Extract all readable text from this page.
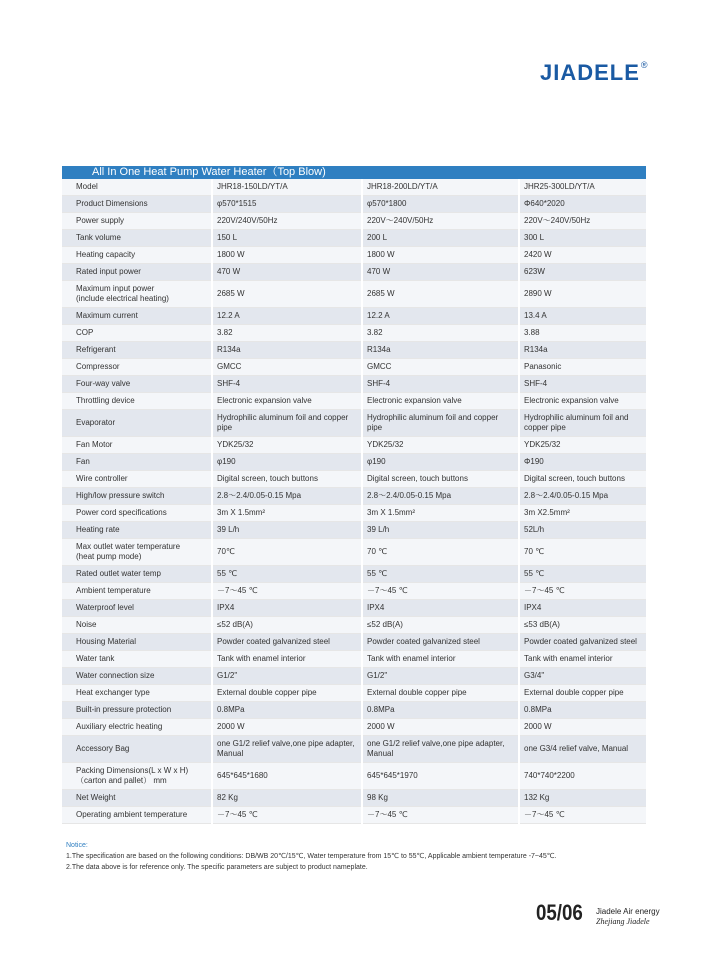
JIADELE®
All In One Heat Pump Water Heater（Top Blow)
Model	JHR18-150LD/YT/A	JHR18-200LD/YT/A	JHR25-300LD/YT/A
Product Dimensions	φ570*1515	φ570*1800	Φ640*2020
Power supply	220V/240V/50Hz	220V～240V/50Hz	220V～240V/50Hz
Tank volume	150 L	200 L	300 L
Heating capacity	1800 W	1800 W	2420 W
Rated input power	470 W	470 W	623W
Maximum input power
(include electrical heating)	2685 W	2685 W	2890 W
Maximum current	12.2 A	12.2 A	13.4 A
COP	3.82	3.82	3.88
Refrigerant	R134a	R134a	R134a
Compressor	GMCC	GMCC	Panasonic
Four-way valve	SHF-4	SHF-4	SHF-4
Throttling device	Electronic expansion valve	Electronic expansion valve	Electronic expansion valve
Evaporator	Hydrophilic aluminum foil and copper pipe	Hydrophilic aluminum foil and copper pipe	Hydrophilic aluminum foil and copper pipe
Fan Motor	YDK25/32	YDK25/32	YDK25/32
Fan	φ190	φ190	Φ190
Wire controller	Digital screen, touch buttons	Digital screen, touch buttons	Digital screen, touch buttons
High/low pressure switch	2.8～2.4/0.05-0.15 Mpa	2.8～2.4/0.05-0.15 Mpa	2.8～2.4/0.05-0.15 Mpa
Power cord specifications	3m X 1.5mm²	3m X 1.5mm²	3m X2.5mm²
Heating rate	39 L/h	39 L/h	52L/h
Max outlet water temperature
(heat pump mode)	70℃	70 ℃	70 ℃
Rated outlet water temp	55 ℃	55 ℃	55 ℃
Ambient temperature	－7～45 ℃	－7～45 ℃	－7～45 ℃
Waterproof level	IPX4	IPX4	IPX4
Noise	≤52 dB(A)	≤52 dB(A)	≤53 dB(A)
Housing Material	Powder coated galvanized steel	Powder coated galvanized steel	Powder coated galvanized steel
Water tank	Tank with enamel interior	Tank with enamel interior	Tank with enamel interior
Water connection size	G1/2"	G1/2"	G3/4"
Heat exchanger type	External double copper pipe	External double copper pipe	External double copper pipe
Built-in pressure protection	0.8MPa	0.8MPa	0.8MPa
Auxiliary electric heating	2000 W	2000 W	2000 W
Accessory Bag	one G1/2 relief valve,one pipe adapter, Manual	one G1/2 relief valve,one pipe adapter, Manual	one G3/4 relief valve, Manual
Packing Dimensions(L x W x H)
（carton and pallet） mm	645*645*1680	645*645*1970	740*740*2200
Net Weight	82 Kg	98 Kg	132 Kg
Operating ambient temperature	－7～45 ℃	－7～45 ℃	－7～45 ℃
Notice:
1.The specification are based on the following conditions: DB/WB 20℃/15℃, Water temperature from 15℃ to 55℃, Applicable ambient temperature -7~45℃.
2.The data above is for reference only. The specific parameters are subject to product nameplate.
05/06 Jiadele Air energy
Zhejiang Jiadele
